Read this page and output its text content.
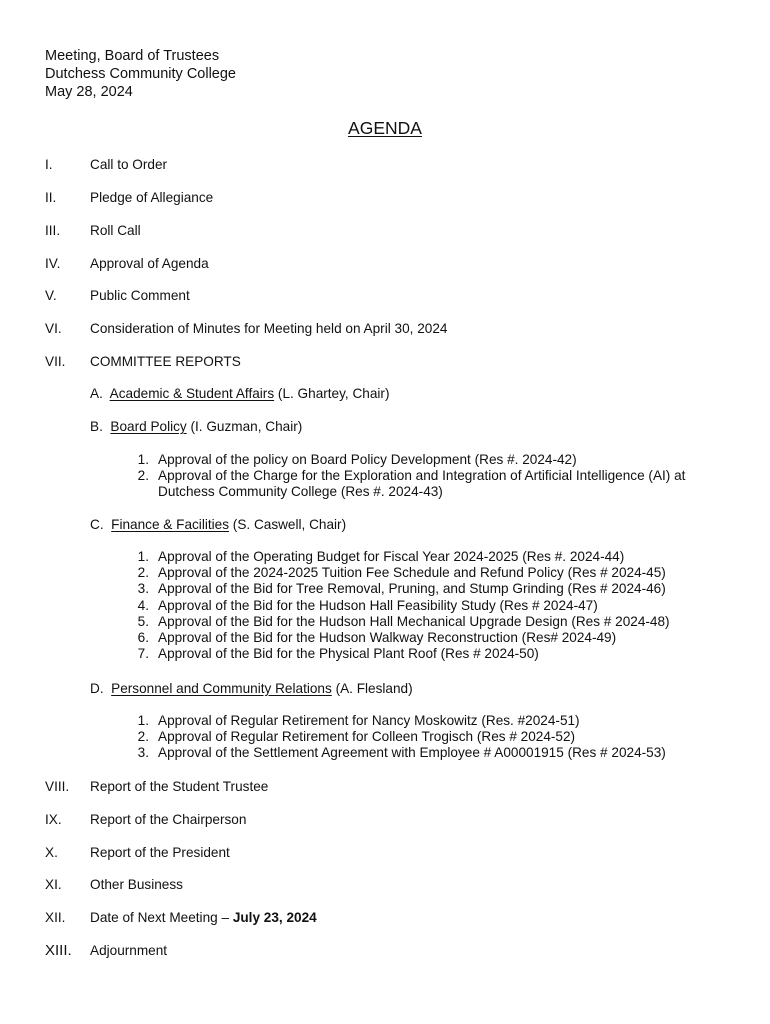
Meeting, Board of Trustees
Dutchess Community College
May 28, 2024
AGENDA
I.	Call to Order
II. Pledge of Allegiance
III. Roll Call
IV. Approval of Agenda
V. Public Comment
VI. Consideration of Minutes for Meeting held on April 30, 2024
VII. COMMITTEE REPORTS
A. Academic & Student Affairs (L. Ghartey, Chair)
B. Board Policy (I. Guzman, Chair)
1. Approval of the policy on Board Policy Development (Res #. 2024-42)
2. Approval of the Charge for the Exploration and Integration of Artificial Intelligence (AI) at
Dutchess Community College (Res #. 2024-43)
C. Finance & Facilities (S. Caswell, Chair)
1. Approval of the Operating Budget for Fiscal Year 2024-2025 (Res #. 2024-44)
2. Approval of the 2024-2025 Tuition Fee Schedule and Refund Policy (Res # 2024-45)
3. Approval of the Bid for Tree Removal, Pruning, and Stump Grinding (Res # 2024-46)
4. Approval of the Bid for the Hudson Hall Feasibility Study (Res # 2024-47)
5. Approval of the Bid for the Hudson Hall Mechanical Upgrade Design (Res # 2024-48)
6. Approval of the Bid for the Hudson Walkway Reconstruction (Res# 2024-49)
7. Approval of the Bid for the Physical Plant Roof (Res # 2024-50)
D. Personnel and Community Relations (A. Flesland)
1. Approval of Regular Retirement for Nancy Moskowitz (Res. #2024-51)
2. Approval of Regular Retirement for Colleen Trogisch (Res # 2024-52)
3. Approval of the Settlement Agreement with Employee # A00001915 (Res # 2024-53)
VIII. Report of the Student Trustee
IX. Report of the Chairperson
X. Report of the President
XI. Other Business
XII. Date of Next Meeting – July 23, 2024
XIII. Adjournment
